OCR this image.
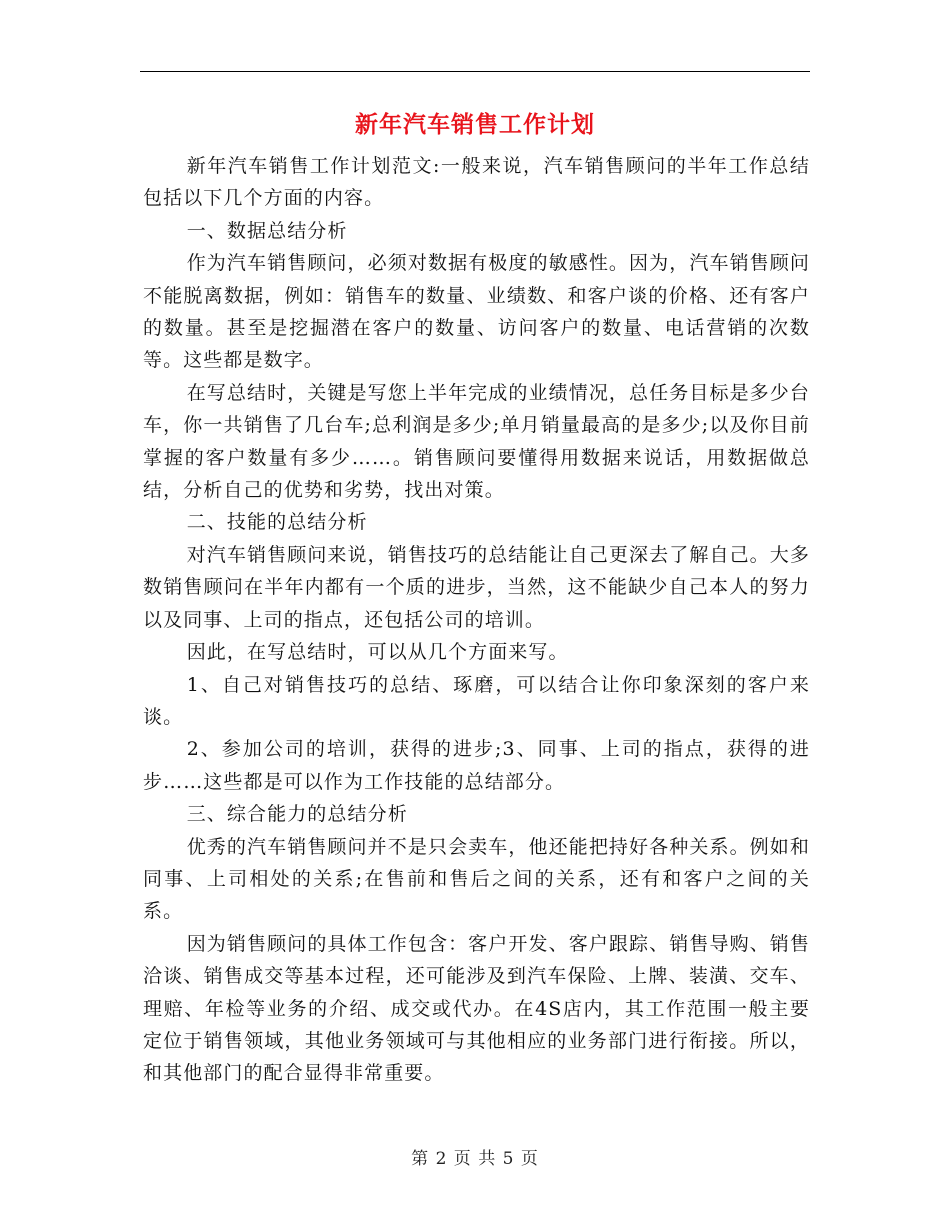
新年汽车销售工作计划

新年汽车销售工作计划范文:一般来说，汽车销售顾问的半年工作总结包括以下几个方面的内容。

一、数据总结分析

作为汽车销售顾问，必须对数据有极度的敏感性。因为，汽车销售顾问不能脱离数据，例如：销售车的数量、业绩数、和客户谈的价格、还有客户的数量。甚至是挖掘潜在客户的数量、访问客户的数量、电话营销的次数等。这些都是数字。

在写总结时，关键是写您上半年完成的业绩情况，总任务目标是多少台车，你一共销售了几台车;总利润是多少;单月销量最高的是多少;以及你目前掌握的客户数量有多少……。销售顾问要懂得用数据来说话，用数据做总结，分析自己的优势和劣势，找出对策。

二、技能的总结分析

对汽车销售顾问来说，销售技巧的总结能让自己更深去了解自己。大多数销售顾问在半年内都有一个质的进步，当然，这不能缺少自己本人的努力以及同事、上司的指点，还包括公司的培训。

因此，在写总结时，可以从几个方面来写。

1、自己对销售技巧的总结、琢磨，可以结合让你印象深刻的客户来谈。

2、参加公司的培训，获得的进步;3、同事、上司的指点，获得的进步……这些都是可以作为工作技能的总结部分。

三、综合能力的总结分析

优秀的汽车销售顾问并不是只会卖车，他还能把持好各种关系。例如和同事、上司相处的关系;在售前和售后之间的关系，还有和客户之间的关系。

因为销售顾问的具体工作包含：客户开发、客户跟踪、销售导购、销售洽谈、销售成交等基本过程，还可能涉及到汽车保险、上牌、装潢、交车、理赔、年检等业务的介绍、成交或代办。在4S店内，其工作范围一般主要定位于销售领域，其他业务领域可与其他相应的业务部门进行衔接。所以，和其他部门的配合显得非常重要。

第 2 页 共 5 页
